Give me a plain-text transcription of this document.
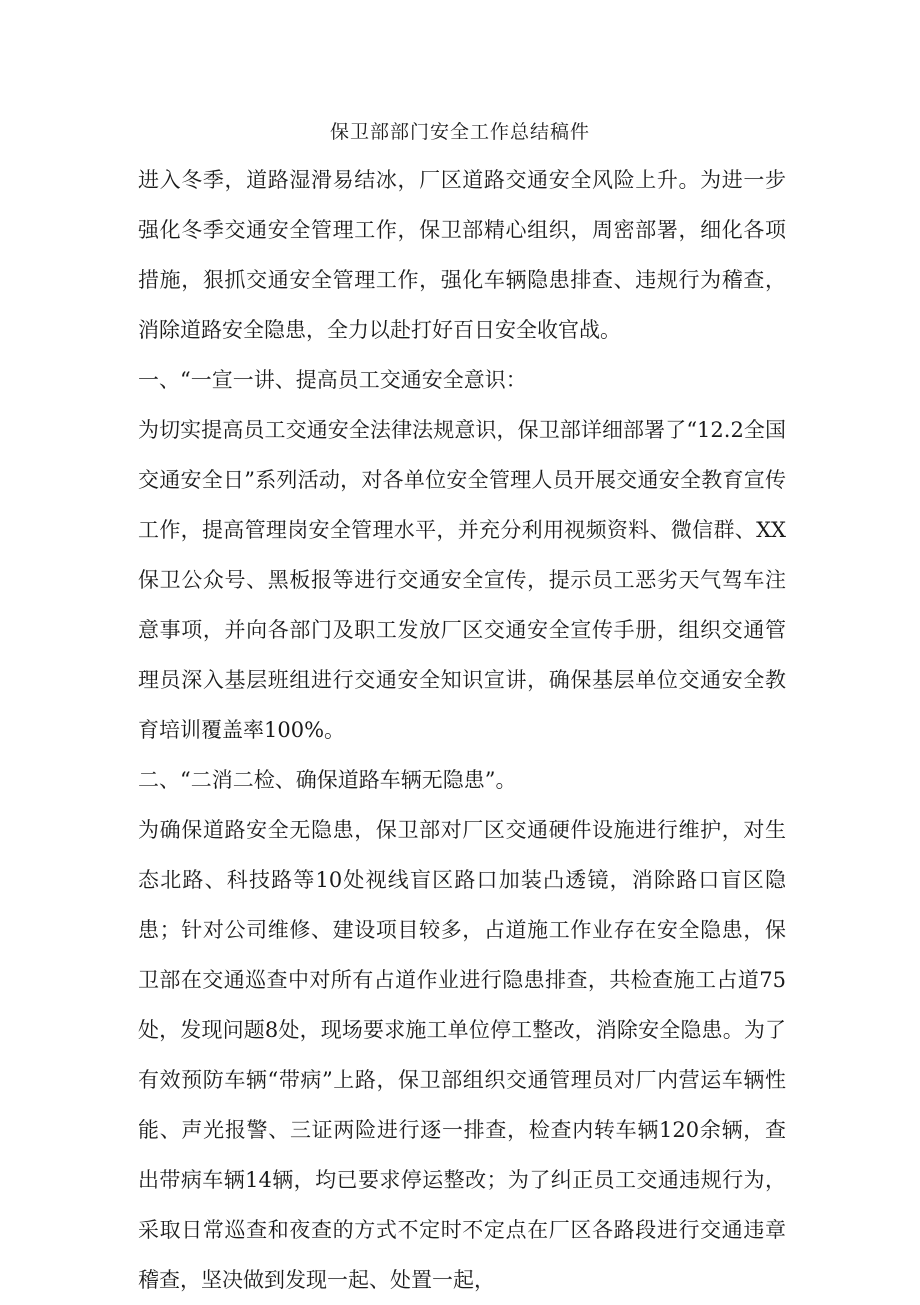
保卫部部门安全工作总结稿件

进入冬季，道路湿滑易结冰，厂区道路交通安全风险上升。为进一步强化冬季交通安全管理工作，保卫部精心组织，周密部署，细化各项措施，狠抓交通安全管理工作，强化车辆隐患排查、违规行为稽查，消除道路安全隐患，全力以赴打好百日安全收官战。

一、“一宣一讲、提高员工交通安全意识：

为切实提高员工交通安全法律法规意识，保卫部详细部署了“12.2全国交通安全日”系列活动，对各单位安全管理人员开展交通安全教育宣传工作，提高管理岗安全管理水平，并充分利用视频资料、微信群、XX保卫公众号、黑板报等进行交通安全宣传，提示员工恶劣天气驾车注意事项，并向各部门及职工发放厂区交通安全宣传手册，组织交通管理员深入基层班组进行交通安全知识宣讲，确保基层单位交通安全教育培训覆盖率100%。

二、“二消二检、确保道路车辆无隐患”。

为确保道路安全无隐患，保卫部对厂区交通硬件设施进行维护，对生态北路、科技路等10处视线盲区路口加装凸透镜，消除路口盲区隐患；针对公司维修、建设项目较多，占道施工作业存在安全隐患，保卫部在交通巡查中对所有占道作业进行隐患排查，共检查施工占道75处，发现问题8处，现场要求施工单位停工整改，消除安全隐患。为了有效预防车辆“带病”上路，保卫部组织交通管理员对厂内营运车辆性能、声光报警、三证两险进行逐一排查，检查内转车辆120余辆，查出带病车辆14辆，均已要求停运整改；为了纠正员工交通违规行为，采取日常巡查和夜查的方式不定时不定点在厂区各路段进行交通违章稽查，坚决做到发现一起、处置一起，
